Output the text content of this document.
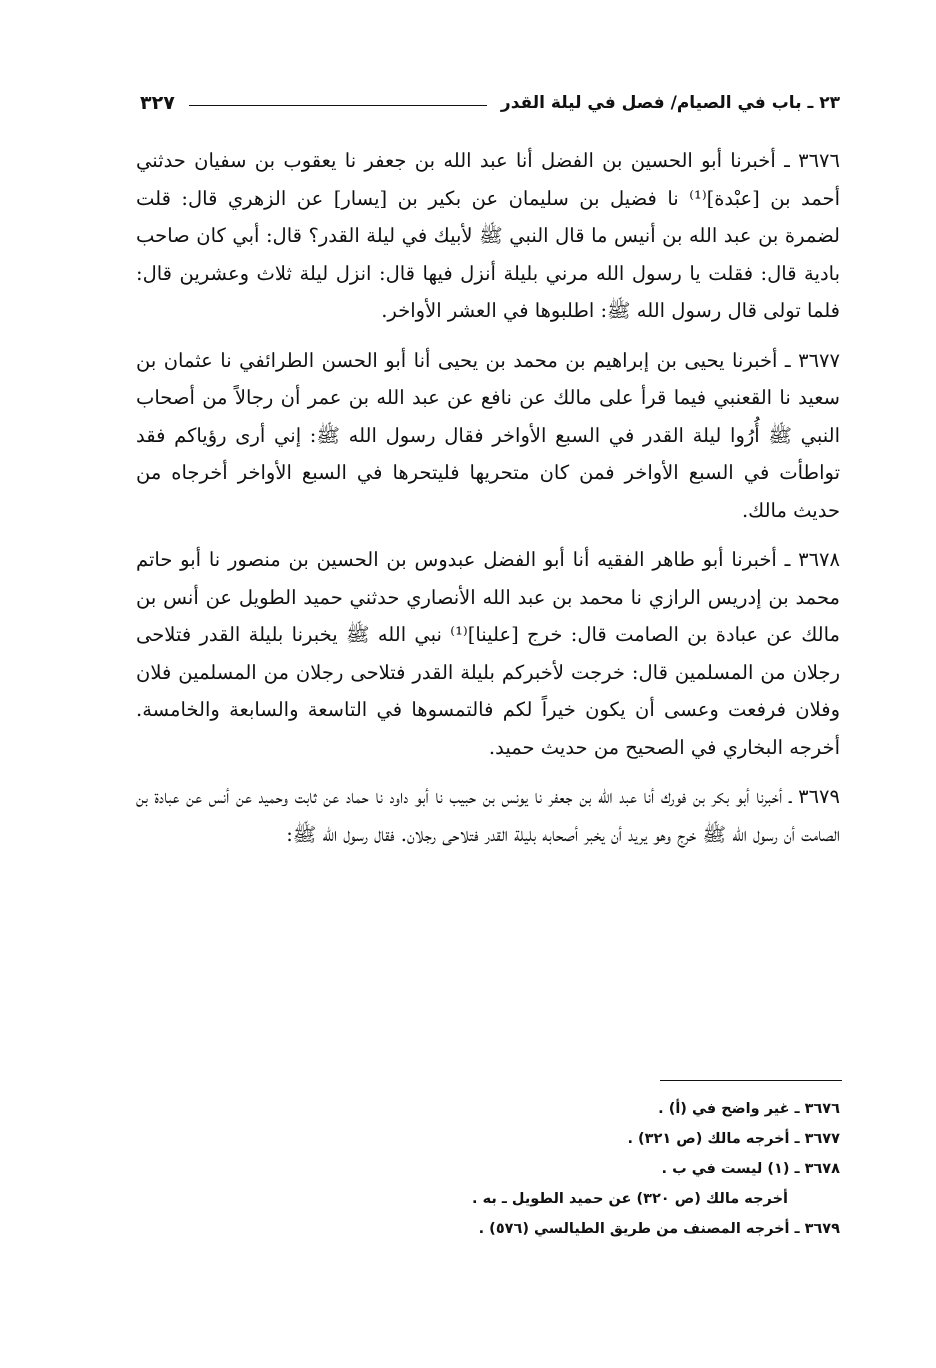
٢٣ ـ باب في الصيام/ فصل في ليلة القدر
٣٢٧

٣٦٧٦ ـ أخبرنا أبو الحسين بن الفضل أنا عبد الله بن جعفر نا يعقوب بن سفيان حدثني أحمد بن [عبْدة]⁽¹⁾ نا فضيل بن سليمان عن بكير بن [يسار] عن الزهري قال: قلت لضمرة بن عبد الله بن أنيس ما قال النبي ﷺ لأبيك في ليلة القدر؟ قال: أبي كان صاحب بادية قال: فقلت يا رسول الله مرني بليلة أنزل فيها قال: انزل ليلة ثلاث وعشرين قال: فلما تولى قال رسول الله ﷺ: اطلبوها في العشر الأواخر.

٣٦٧٧ ـ أخبرنا يحيى بن إبراهيم بن محمد بن يحيى أنا أبو الحسن الطرائفي نا عثمان بن سعيد نا القعنبي فيما قرأ على مالك عن نافع عن عبد الله بن عمر أن رجالاً من أصحاب النبي ﷺ أُرُوا ليلة القدر في السبع الأواخر فقال رسول الله ﷺ: إني أرى رؤياكم فقد تواطأت في السبع الأواخر فمن كان متحريها فليتحرها في السبع الأواخر أخرجاه من حديث مالك.

٣٦٧٨ ـ أخبرنا أبو طاهر الفقيه أنا أبو الفضل عبدوس بن الحسين بن منصور نا أبو حاتم محمد بن إدريس الرازي نا محمد بن عبد الله الأنصاري حدثني حميد الطويل عن أنس بن مالك عن عبادة بن الصامت قال: خرج [علينا]⁽¹⁾ نبي الله ﷺ يخبرنا بليلة القدر فتلاحى رجلان من المسلمين قال: خرجت لأخبركم بليلة القدر فتلاحى رجلان من المسلمين فلان وفلان فرفعت وعسى أن يكون خيراً لكم فالتمسوها في التاسعة والسابعة والخامسة. أخرجه البخاري في الصحيح من حديث حميد.

٣٦٧٩ ـ أخبرنا أبو بكر بن فورك أنا عبد الله بن جعفر نا يونس بن حبيب نا أبو داود نا حماد عن ثابت وحميد عن أنس عن عبادة بن الصامت أن رسول الله ﷺ خرج وهو يريد أن يخبر أصحابه بليلة القدر فتلاحى رجلان. فقال رسول الله ﷺ:

٣٦٧٦ ـ غير واضح في (أ) .
٣٦٧٧ ـ أخرجه مالك (ص ٣٢١) .
٣٦٧٨ ـ (١) ليست في ب .
أخرجه مالك (ص ٣٢٠) عن حميد الطويل ـ به .
٣٦٧٩ ـ أخرجه المصنف من طريق الطيالسي (٥٧٦) .
